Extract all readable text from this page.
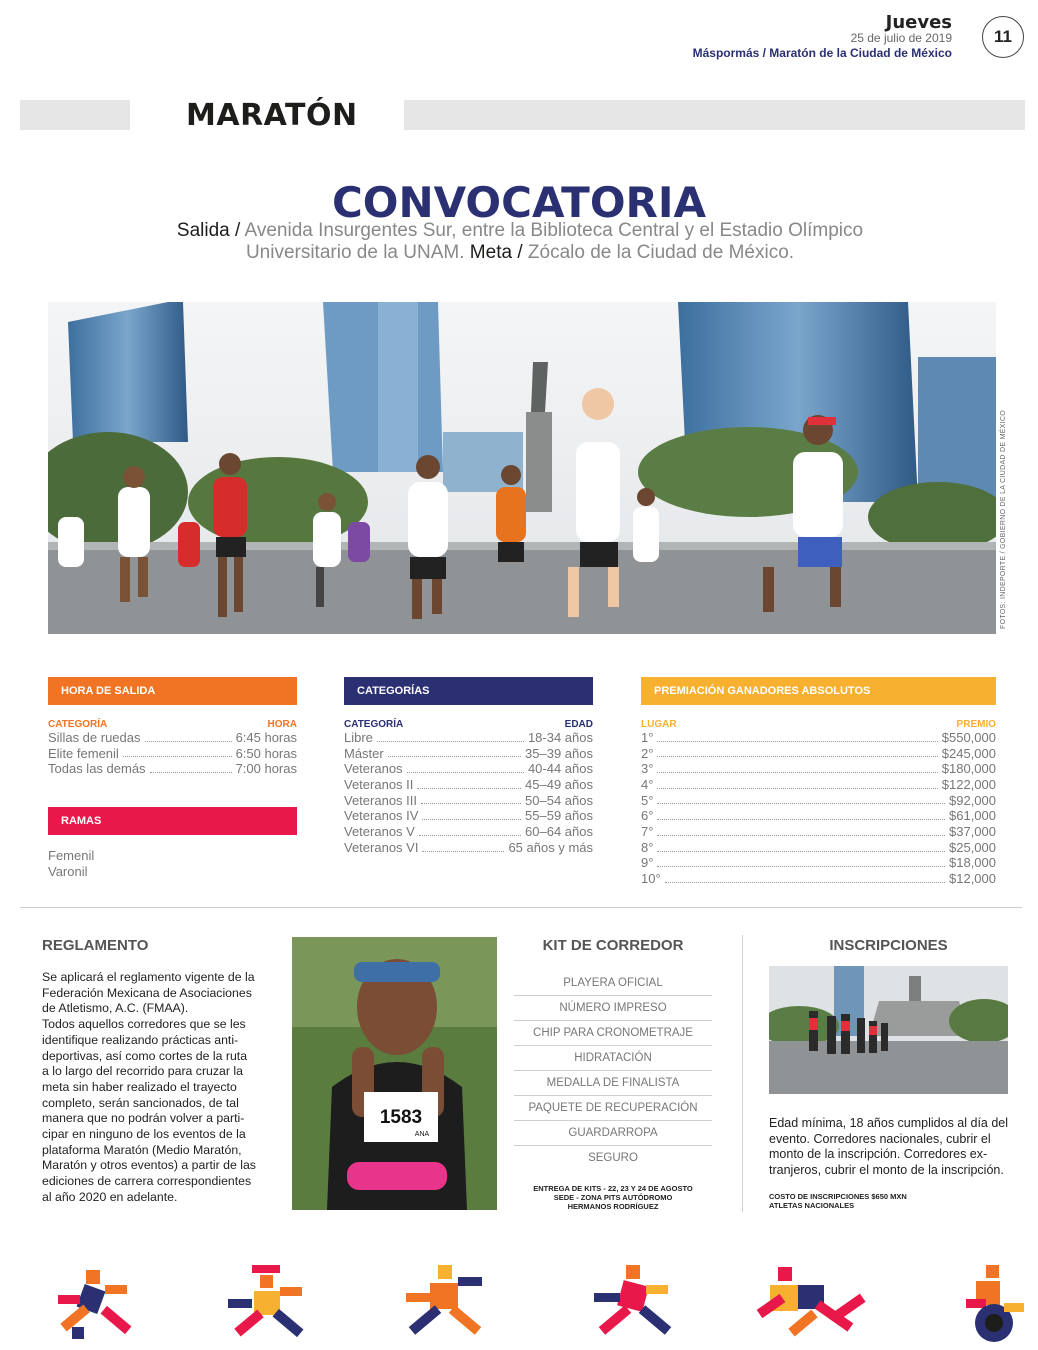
Jueves
25 de julio de 2019
Máspormás / Maratón de la Ciudad de México
11
MARATÓN
CONVOCATORIA
Salida / Avenida Insurgentes Sur, entre la Biblioteca Central y el Estadio Olímpico
Universitario de la UNAM. Meta / Zócalo de la Ciudad de México.
FOTOS: INDEPORTE / GOBIERNO DE LA CIUDAD DE MÉXICO
HORA DE SALIDA
CATEGORÍA	HORA
Sillas de ruedas	6:45 horas
Elite femenil	6:50 horas
Todas las demás	7:00 horas
RAMAS
Femenil
Varonil
CATEGORÍAS
CATEGORÍA	EDAD
Libre	18-34 años
Máster	35–39 años
Veteranos	40-44 años
Veteranos II	45–49 años
Veteranos III	50–54 años
Veteranos IV	55–59 años
Veteranos V	60–64 años
Veteranos VI	65 años y más
PREMIACIÓN GANADORES ABSOLUTOS
LUGAR	PREMIO
1°	$550,000
2°	$245,000
3°	$180,000
4°	$122,000
5°	$92,000
6°	$61,000
7°	$37,000
8°	$25,000
9°	$18,000
10°	$12,000
REGLAMENTO
Se aplicará el reglamento vigente de la
Federación Mexicana de Asociaciones
de Atletismo, A.C. (FMAA).
Todos aquellos corredores que se les
identifique realizando prácticas anti-
deportivas, así como cortes de la ruta
a lo largo del recorrido para cruzar la
meta sin haber realizado el trayecto
completo, serán sancionados, de tal
manera que no podrán volver a parti-
cipar en ninguno de los eventos de la
plataforma Maratón (Medio Maratón,
Maratón y otros eventos) a partir de las
ediciones de carrera correspondientes
al año 2020 en adelante.
1583
ANA
KIT DE CORREDOR
PLAYERA OFICIAL
NÚMERO IMPRESO
CHIP PARA CRONOMETRAJE
HIDRATACIÓN
MEDALLA DE FINALISTA
PAQUETE DE RECUPERACIÓN
GUARDARROPA
SEGURO
ENTREGA DE KITS - 22, 23 Y 24 DE AGOSTO
SEDE - ZONA PITS AUTÓDROMO
HERMANOS RODRÍGUEZ
INSCRIPCIONES
Edad mínima, 18 años cumplidos al día del
evento. Corredores nacionales, cubrir el
monto de la inscripción. Corredores ex-
tranjeros, cubrir el monto de la inscripción.
COSTO DE INSCRIPCIONES $650 MXN
ATLETAS NACIONALES
